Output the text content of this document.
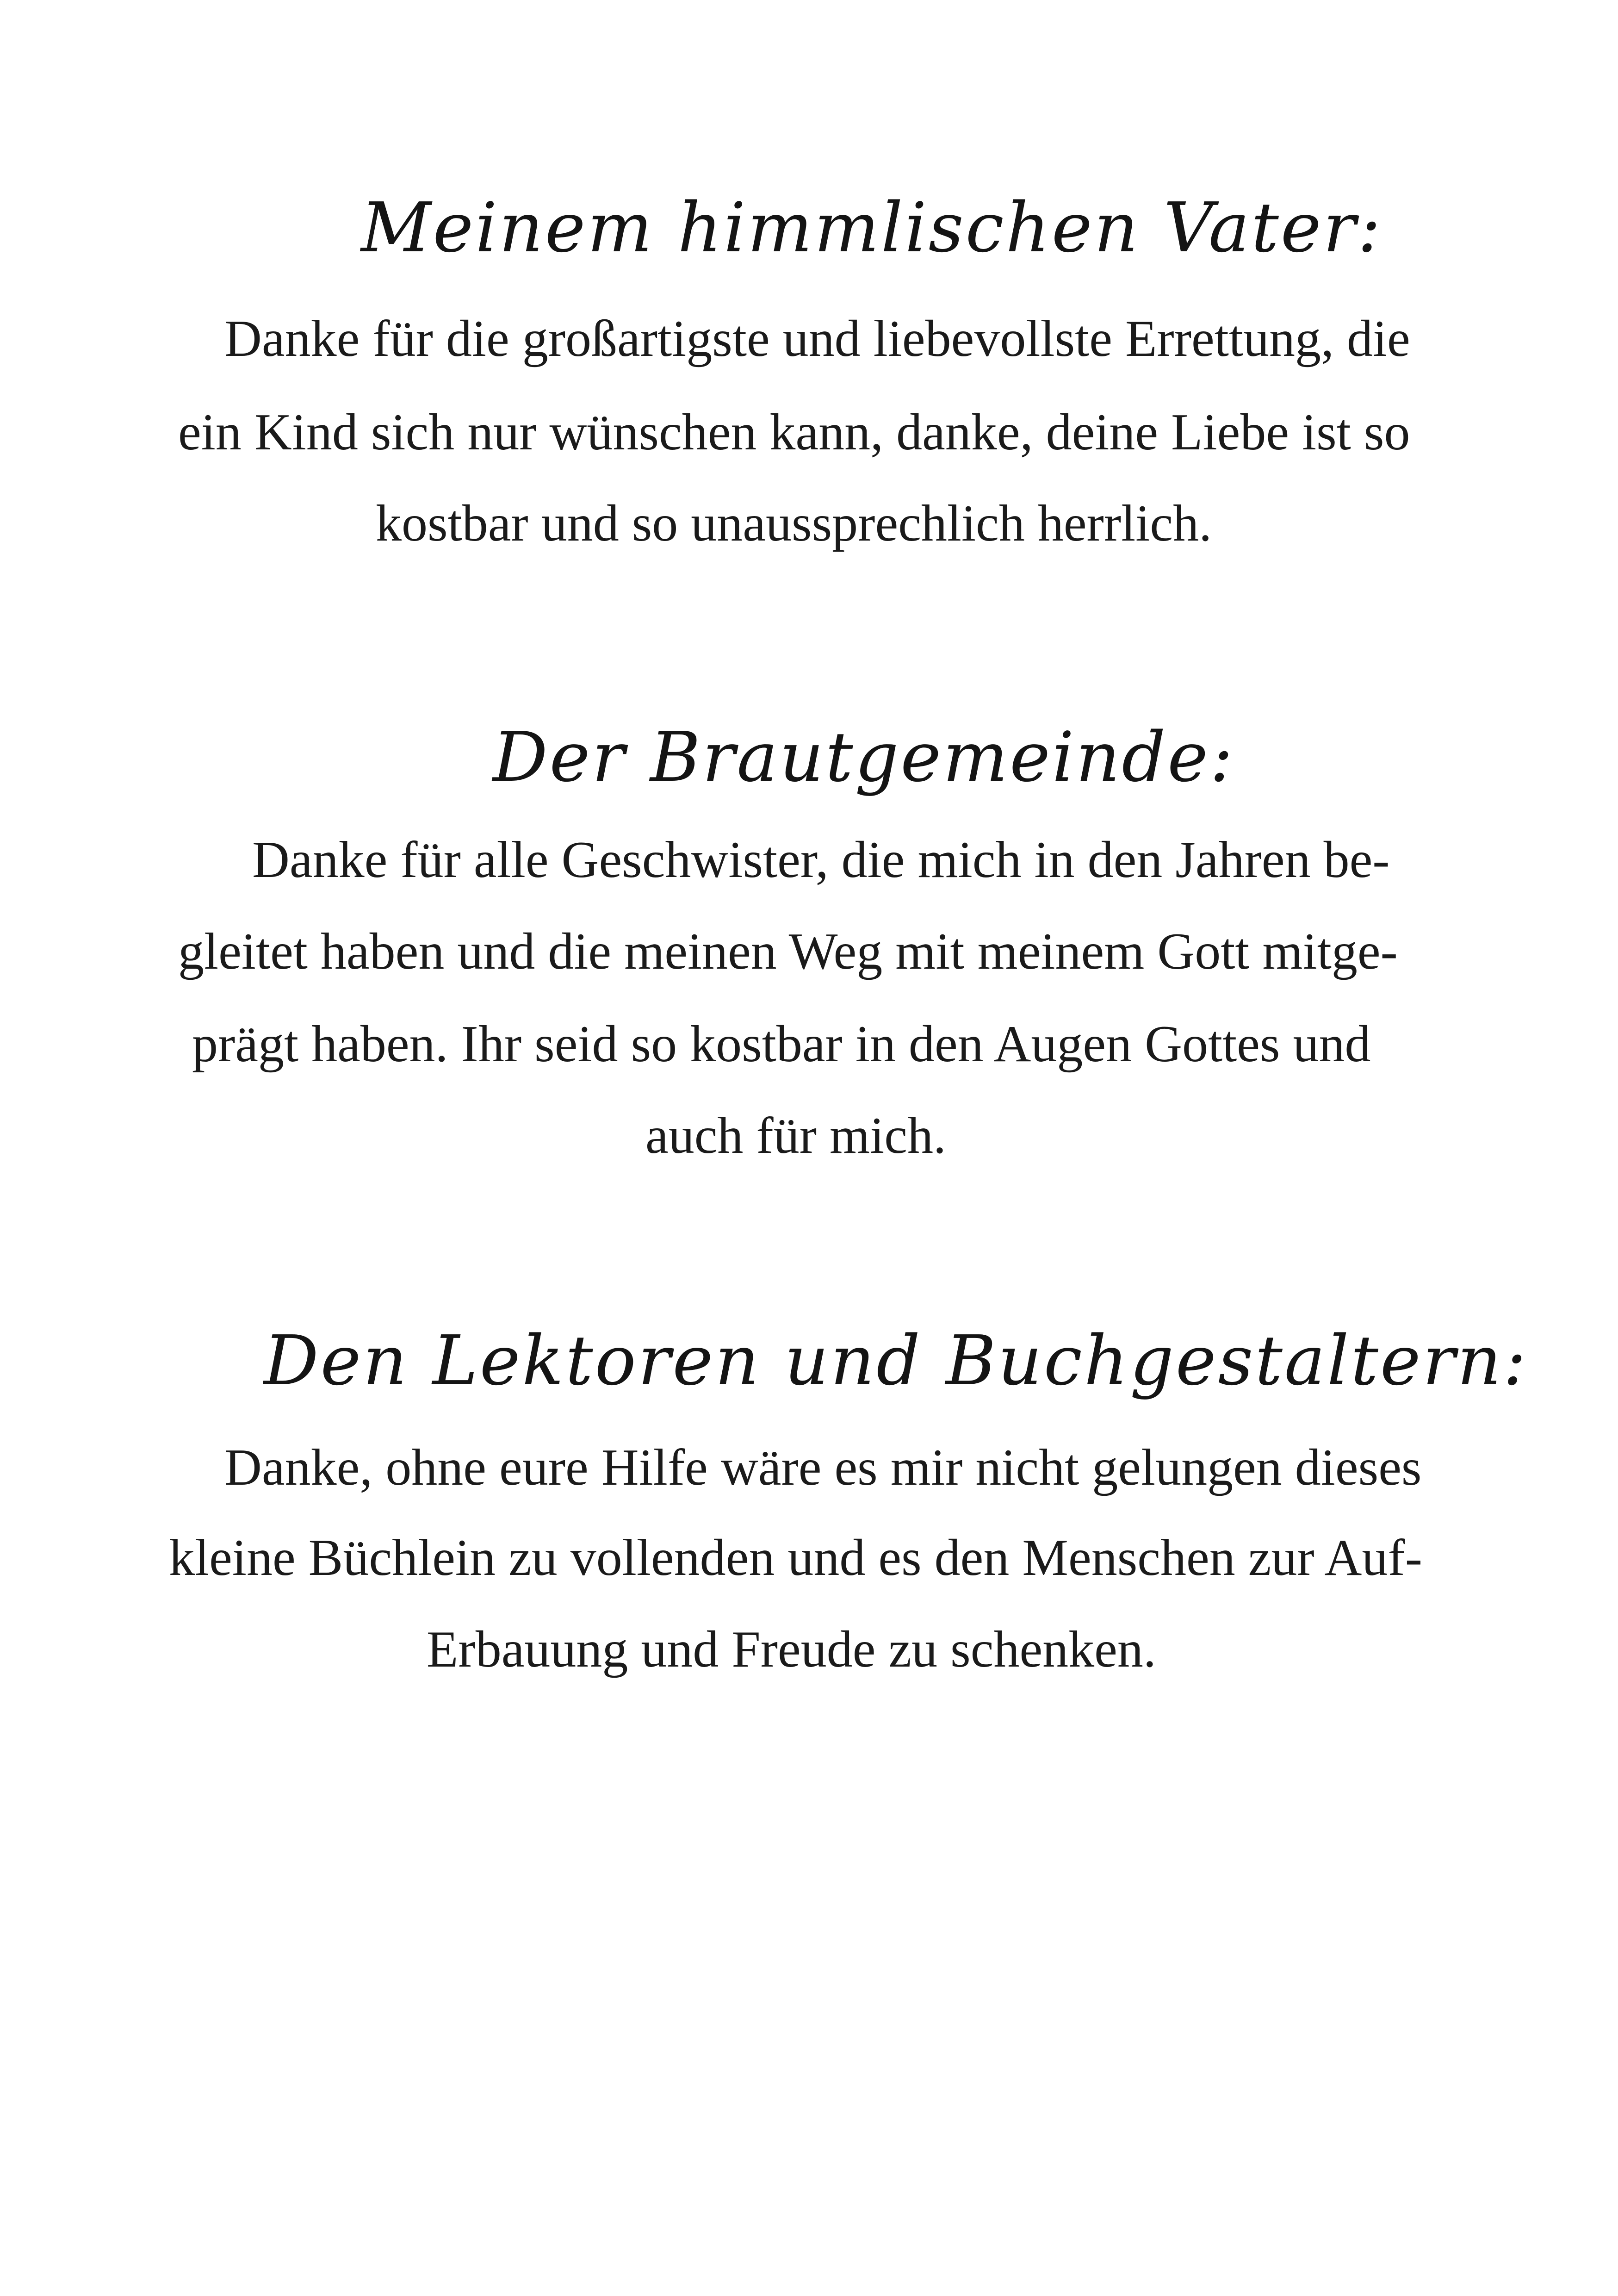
Meinem himmlischen Vater:

Danke für die großartigste und liebevollste Errettung, die

ein Kind sich nur wünschen kann, danke, deine Liebe ist so

kostbar und so unaussprechlich herrlich.

Der Brautgemeinde:

Danke für alle Geschwister, die mich in den Jahren be-

gleitet haben und die meinen Weg mit meinem Gott mitge-

prägt haben. Ihr seid so kostbar in den Augen Gottes und

auch für mich.

Den Lektoren und Buchgestaltern:

Danke, ohne eure Hilfe wäre es mir nicht gelungen dieses

kleine Büchlein zu vollenden und es den Menschen zur Auf-

Erbauung und Freude zu schenken.
